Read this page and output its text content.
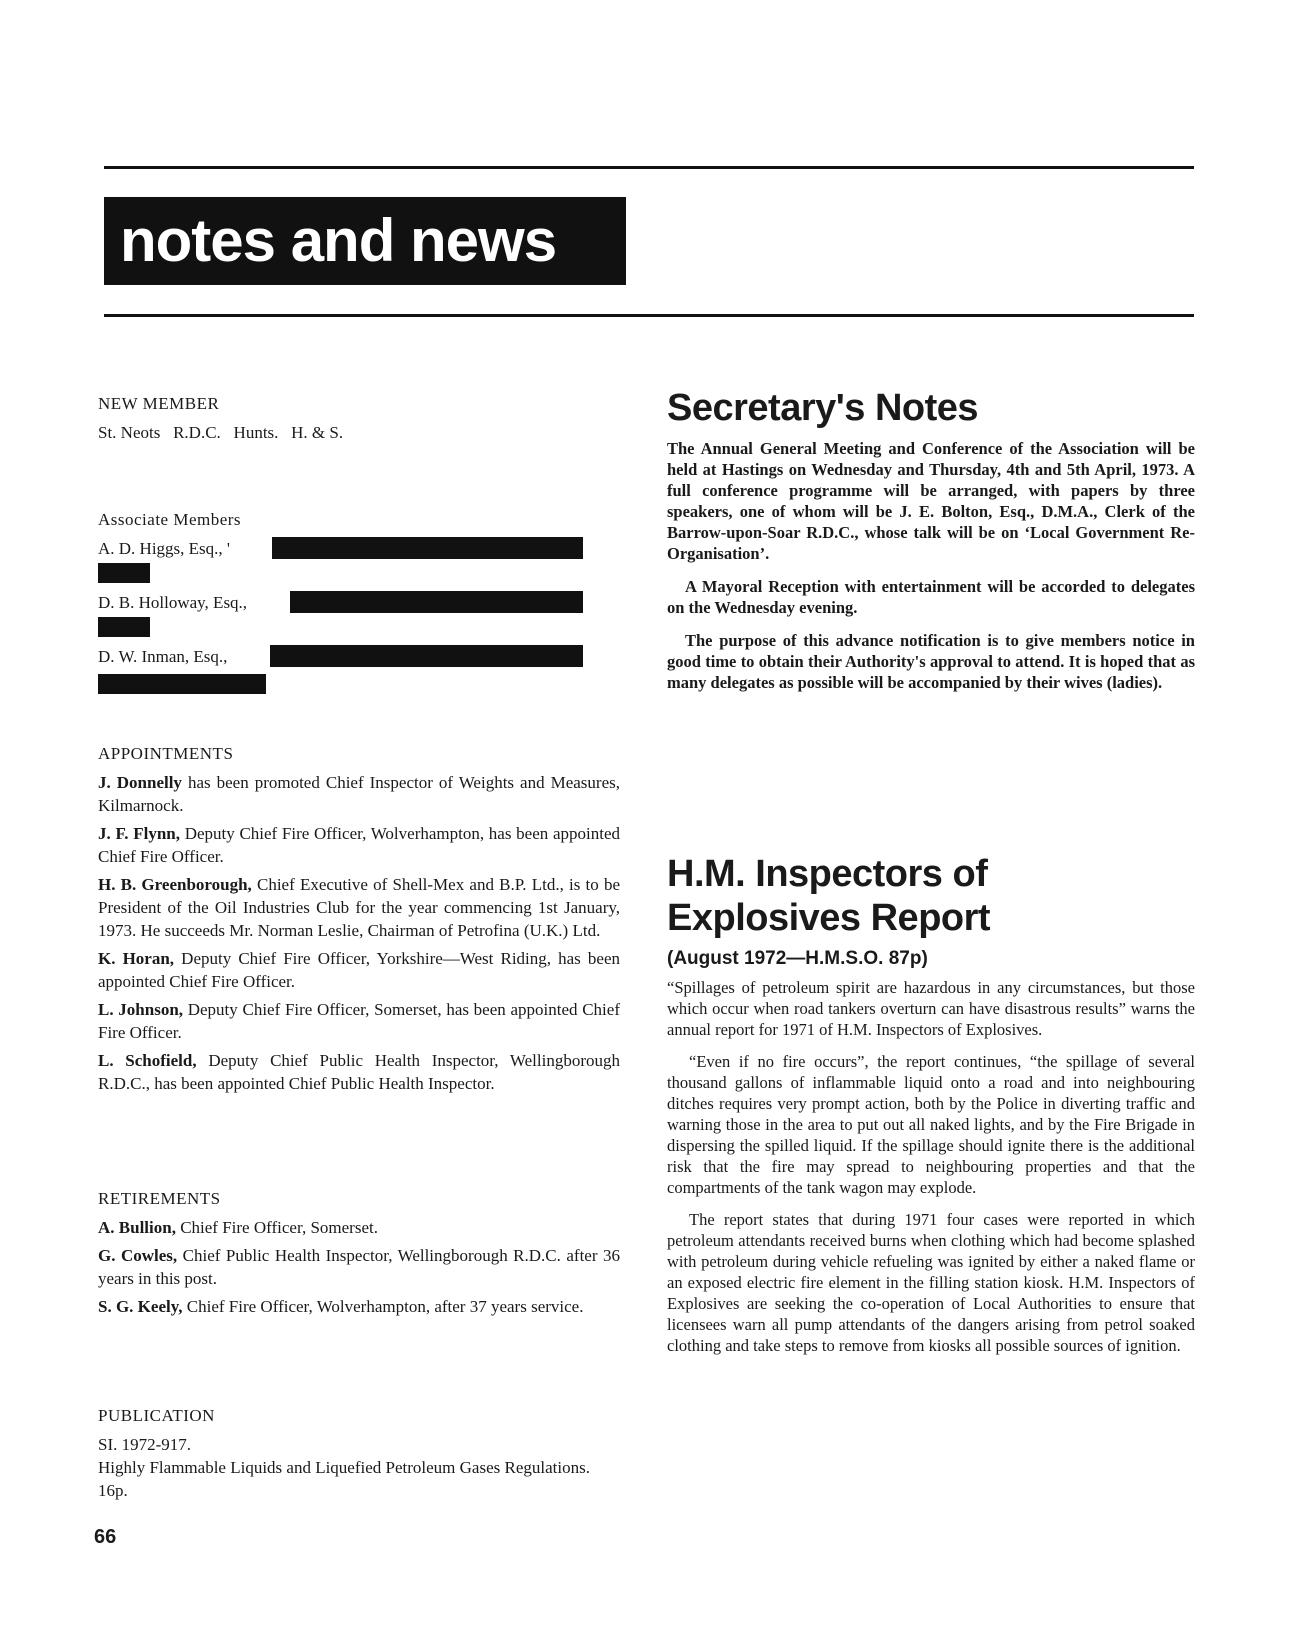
notes and news
NEW MEMBER
St. Neots   R.D.C.   Hunts.   H. & S.
Associate Members
A. D. Higgs, Esq., '
D. B. Holloway, Esq.,
D. W. Inman, Esq.,
APPOINTMENTS

J. Donnelly has been promoted Chief Inspector of Weights and Measures, Kilmarnock.

J. F. Flynn, Deputy Chief Fire Officer, Wolverhampton, has been appointed Chief Fire Officer.

H. B. Greenborough, Chief Executive of Shell-Mex and B.P. Ltd., is to be President of the Oil Industries Club for the year commencing 1st January, 1973. He succeeds Mr. Norman Leslie, Chairman of Petrofina (U.K.) Ltd.

K. Horan, Deputy Chief Fire Officer, Yorkshire—West Riding, has been appointed Chief Fire Officer.

L. Johnson, Deputy Chief Fire Officer, Somerset, has been appointed Chief Fire Officer.

L. Schofield, Deputy Chief Public Health Inspector, Wellingborough R.D.C., has been appointed Chief Public Health Inspector.

RETIREMENTS

A. Bullion, Chief Fire Officer, Somerset.

G. Cowles, Chief Public Health Inspector, Wellingborough R.D.C. after 36 years in this post.

S. G. Keely, Chief Fire Officer, Wolverhampton, after 37 years service.

PUBLICATION
SI. 1972-917.
Highly Flammable Liquids and Liquefied Petroleum Gases Regulations. 16p.
Secretary's Notes

The Annual General Meeting and Conference of the Association will be held at Hastings on Wednesday and Thursday, 4th and 5th April, 1973. A full conference programme will be arranged, with papers by three speakers, one of whom will be J. E. Bolton, Esq., D.M.A., Clerk of the Barrow-upon-Soar R.D.C., whose talk will be on ‘Local Government Re-Organisation’.

A Mayoral Reception with entertainment will be accorded to delegates on the Wednesday evening.

The purpose of this advance notification is to give members notice in good time to obtain their Authority's approval to attend. It is hoped that as many delegates as possible will be accompanied by their wives (ladies).

H.M. Inspectors of Explosives Report
(August 1972—H.M.S.O. 87p)

“Spillages of petroleum spirit are hazardous in any circumstances, but those which occur when road tankers overturn can have disastrous results” warns the annual report for 1971 of H.M. Inspectors of Explosives.

“Even if no fire occurs”, the report continues, “the spillage of several thousand gallons of inflammable liquid onto a road and into neighbouring ditches requires very prompt action, both by the Police in diverting traffic and warning those in the area to put out all naked lights, and by the Fire Brigade in dispersing the spilled liquid. If the spillage should ignite there is the additional risk that the fire may spread to neighbouring properties and that the compartments of the tank wagon may explode.

The report states that during 1971 four cases were reported in which petroleum attendants received burns when clothing which had become splashed with petroleum during vehicle refueling was ignited by either a naked flame or an exposed electric fire element in the filling station kiosk. H.M. Inspectors of Explosives are seeking the co-operation of Local Authorities to ensure that licensees warn all pump attendants of the dangers arising from petrol soaked clothing and take steps to remove from kiosks all possible sources of ignition.

66
